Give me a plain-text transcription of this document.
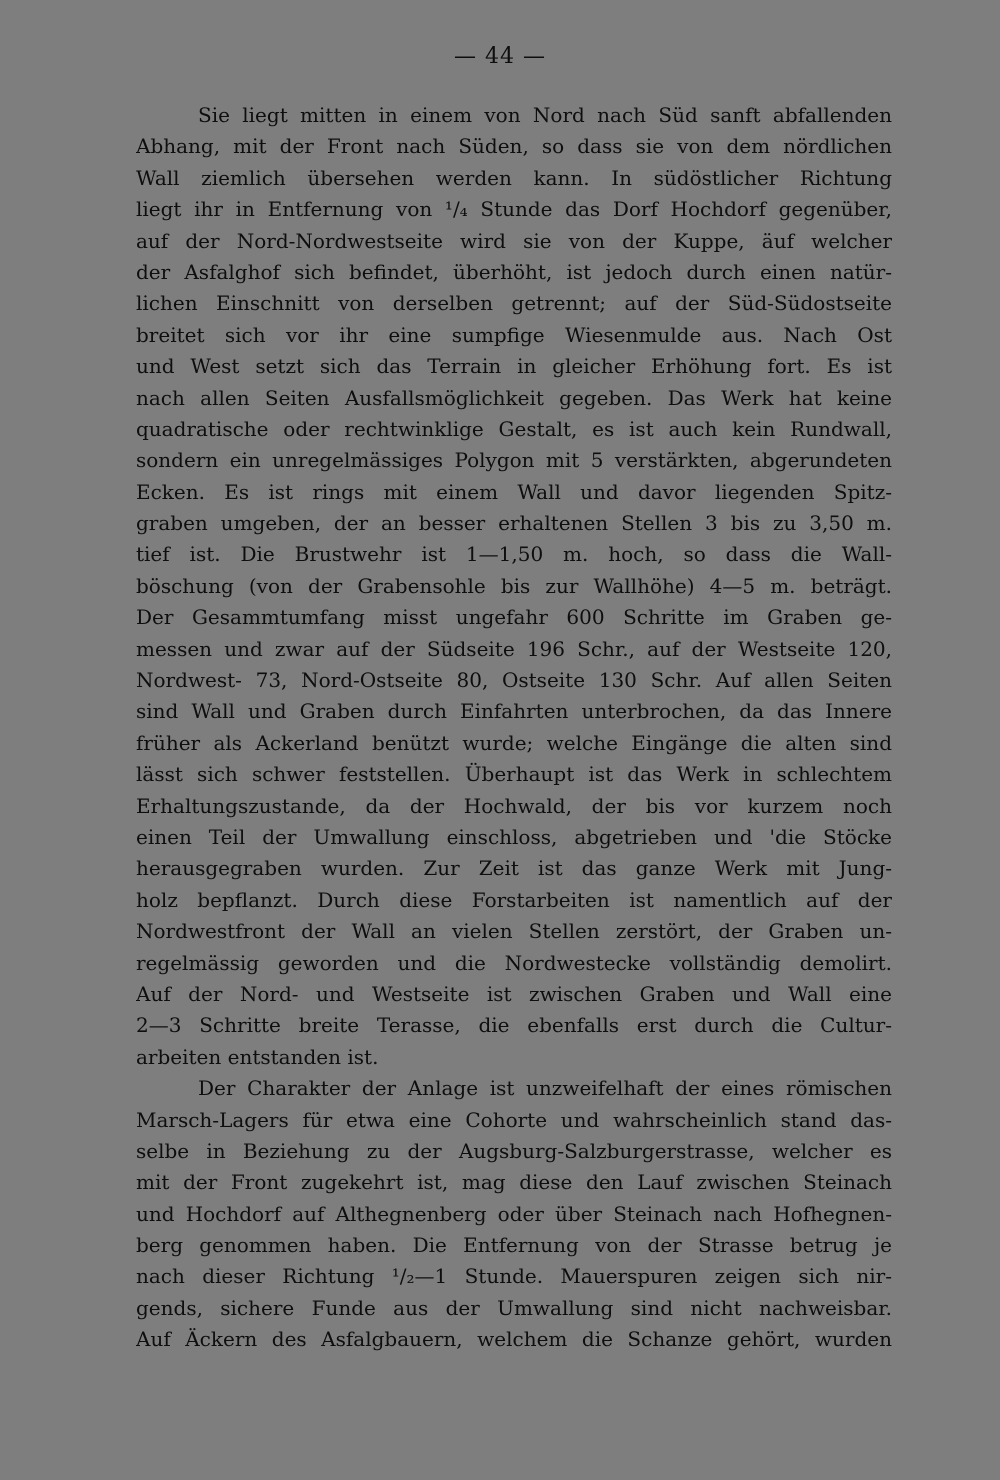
— 44 —
Sie liegt mitten in einem von Nord nach Süd sanft abfallenden
Abhang, mit der Front nach Süden, so dass sie von dem nördlichen
Wall ziemlich übersehen werden kann. In südöstlicher Richtung
liegt ihr in Entfernung von ¹/₄ Stunde das Dorf Hochdorf gegenüber,
auf der Nord-Nordwestseite wird sie von der Kuppe, äuf welcher
der Asfalghof sich befindet, überhöht, ist jedoch durch einen natür-
lichen Einschnitt von derselben getrennt; auf der Süd-Südostseite
breitet sich vor ihr eine sumpfige Wiesenmulde aus. Nach Ost
und West setzt sich das Terrain in gleicher Erhöhung fort. Es ist
nach allen Seiten Ausfallsmöglichkeit gegeben. Das Werk hat keine
quadratische oder rechtwinklige Gestalt, es ist auch kein Rundwall,
sondern ein unregelmässiges Polygon mit 5 verstärkten, abgerundeten
Ecken. Es ist rings mit einem Wall und davor liegenden Spitz-
graben umgeben, der an besser erhaltenen Stellen 3 bis zu 3,50 m.
tief ist. Die Brustwehr ist 1—1,50 m. hoch, so dass die Wall-
böschung (von der Grabensohle bis zur Wallhöhe) 4—5 m. beträgt.
Der Gesammtumfang misst ungefahr 600 Schritte im Graben ge-
messen und zwar auf der Südseite 196 Schr., auf der Westseite 120,
Nordwest- 73, Nord-Ostseite 80, Ostseite 130 Schr. Auf allen Seiten
sind Wall und Graben durch Einfahrten unterbrochen, da das Innere
früher als Ackerland benützt wurde; welche Eingänge die alten sind
lässt sich schwer feststellen. Überhaupt ist das Werk in schlechtem
Erhaltungszustande, da der Hochwald, der bis vor kurzem noch
einen Teil der Umwallung einschloss, abgetrieben und 'die Stöcke
herausgegraben wurden. Zur Zeit ist das ganze Werk mit Jung-
holz bepflanzt. Durch diese Forstarbeiten ist namentlich auf der
Nordwestfront der Wall an vielen Stellen zerstört, der Graben un-
regelmässig geworden und die Nordwestecke vollständig demolirt.
Auf der Nord- und Westseite ist zwischen Graben und Wall eine
2—3 Schritte breite Terasse, die ebenfalls erst durch die Cultur-
arbeiten entstanden ist.
Der Charakter der Anlage ist unzweifelhaft der eines römischen
Marsch-Lagers für etwa eine Cohorte und wahrscheinlich stand das-
selbe in Beziehung zu der Augsburg-Salzburgerstrasse, welcher es
mit der Front zugekehrt ist, mag diese den Lauf zwischen Steinach
und Hochdorf auf Althegnenberg oder über Steinach nach Hofhegnen-
berg genommen haben. Die Entfernung von der Strasse betrug je
nach dieser Richtung ¹/₂—1 Stunde. Mauerspuren zeigen sich nir-
gends, sichere Funde aus der Umwallung sind nicht nachweisbar.
Auf Äckern des Asfalgbauern, welchem die Schanze gehört, wurden
